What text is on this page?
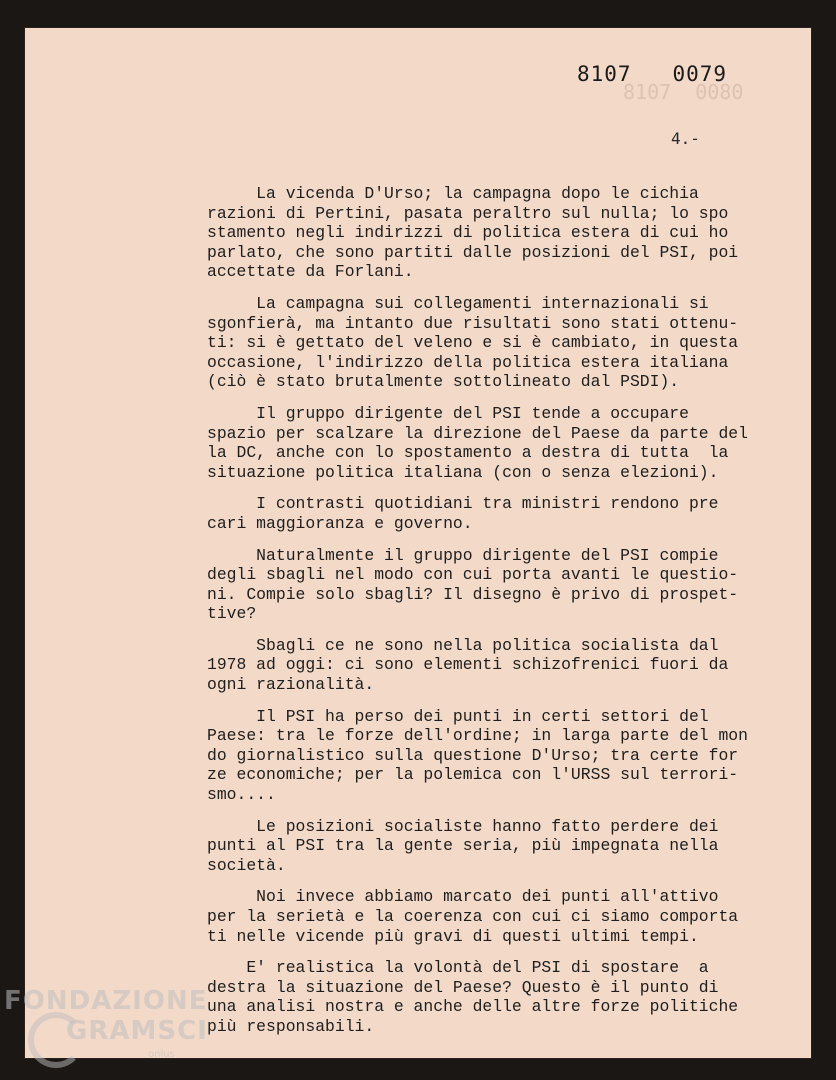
8107  0080
8107   0079
4.-

La vicenda D'Urso; la campagna dopo le cichia
razioni di Pertini, pasata peraltro sul nulla; lo spo
stamento negli indirizzi di politica estera di cui ho
parlato, che sono partiti dalle posizioni del PSI, poi
accettate da Forlani.

La campagna sui collegamenti internazionali si
sgonfierà, ma intanto due risultati sono stati ottenu-
ti: si è gettato del veleno e si è cambiato, in questa
occasione, l'indirizzo della politica estera italiana
(ciò è stato brutalmente sottolineato dal PSDI).

Il gruppo dirigente del PSI tende a occupare
spazio per scalzare la direzione del Paese da parte del
la DC, anche con lo spostamento a destra di tutta  la
situazione politica italiana (con o senza elezioni).

I contrasti quotidiani tra ministri rendono pre
cari maggioranza e governo.

Naturalmente il gruppo dirigente del PSI compie
degli sbagli nel modo con cui porta avanti le questio-
ni. Compie solo sbagli? Il disegno è privo di prospet-
tive?

Sbagli ce ne sono nella politica socialista dal
1978 ad oggi: ci sono elementi schizofrenici fuori da
ogni razionalità.

Il PSI ha perso dei punti in certi settori del
Paese: tra le forze dell'ordine; in larga parte del mon
do giornalistico sulla questione D'Urso; tra certe for
ze economiche; per la polemica con l'URSS sul terrori-
smo....

Le posizioni socialiste hanno fatto perdere dei
punti al PSI tra la gente seria, più impegnata nella
società.

Noi invece abbiamo marcato dei punti all'attivo
per la serietà e la coerenza con cui ci siamo comporta
ti nelle vicende più gravi di questi ultimi tempi.

E' realistica la volontà del PSI di spostare  a
destra la situazione del Paese? Questo è il punto di
una analisi nostra e anche delle altre forze politiche
più responsabili.

FONDAZIONE
GRAMSCI
onlus
